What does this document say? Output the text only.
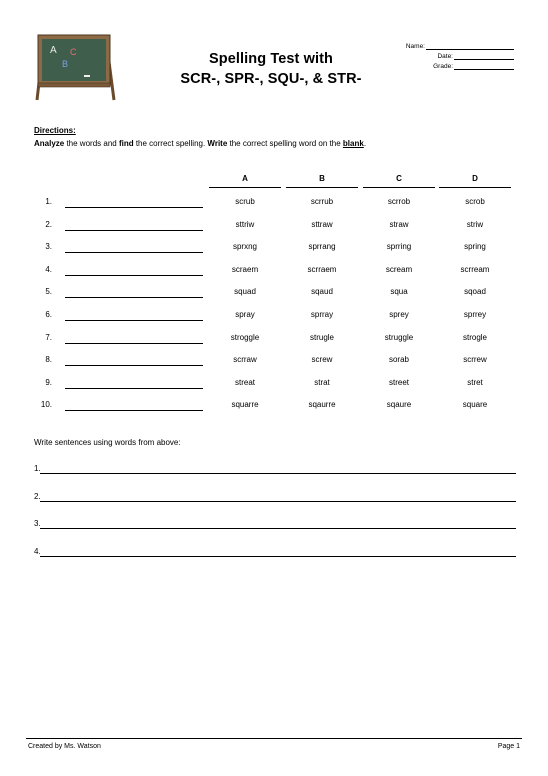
A C
B	Spelling Test with
SCR-, SPR-, SQU-, & STR-
Name:
Date:
Grade:
Directions:
Analyze the words and find the correct spelling. Write the correct spelling word on the blank.
A	B	C	D
1.	scrub	scrrub	scrrob	scrob
2.	sttriw	sttraw	straw	striw
3.	sprxng	sprrang	sprring	spring
4.	scraem	scrraem	scream	scrream
5.	squad	sqaud	squa	sqoad
6.	spray	sprray	sprey	sprrey
7.	stroggle	strugle	struggle	strogle
8.	scrraw	screw	sorab	scrrew
9.	streat	strat	street	stret
10.	squarre	sqaurre	sqaure	square
Write sentences using words from above:
1.
2.
3.
4.
Created by Ms. Watson	Page 1
